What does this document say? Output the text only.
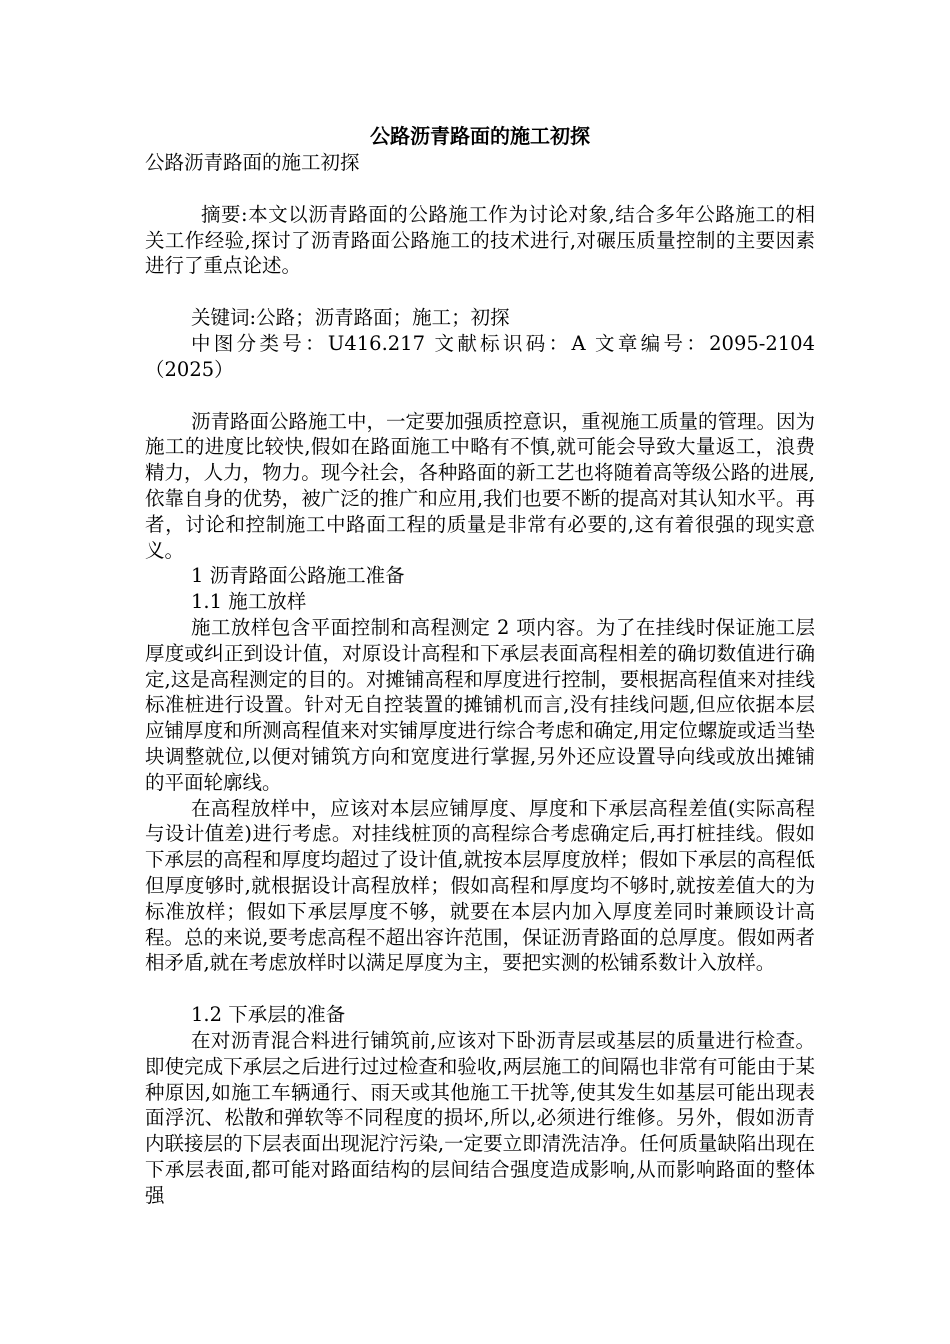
公路沥青路面的施工初探

公路沥青路面的施工初探

摘要:本文以沥青路面的公路施工作为讨论对象,结合多年公路施工的相关工作经验,探讨了沥青路面公路施工的技术进行,对碾压质量控制的主要因素进行了重点论述。

关键词:公路；沥青路面；施工；初探

中图分类号：U416.217 文献标识码：A 文章编号：2095-2104（2025）

沥青路面公路施工中，一定要加强质控意识，重视施工质量的管理。因为施工的进度比较快,假如在路面施工中略有不慎,就可能会导致大量返工，浪费精力，人力，物力。现今社会，各种路面的新工艺也将随着高等级公路的进展,依靠自身的优势，被广泛的推广和应用,我们也要不断的提高对其认知水平。再者，讨论和控制施工中路面工程的质量是非常有必要的,这有着很强的现实意义。

1 沥青路面公路施工准备

1.1 施工放样

施工放样包含平面控制和高程测定 2 项内容。为了在挂线时保证施工层厚度或纠正到设计值，对原设计高程和下承层表面高程相差的确切数值进行确定,这是高程测定的目的。对摊铺高程和厚度进行控制，要根据高程值来对挂线标准桩进行设置。针对无自控装置的摊铺机而言,没有挂线问题,但应依据本层应铺厚度和所测高程值来对实铺厚度进行综合考虑和确定,用定位螺旋或适当垫块调整就位,以便对铺筑方向和宽度进行掌握,另外还应设置导向线或放出摊铺的平面轮廓线。

在高程放样中，应该对本层应铺厚度、厚度和下承层高程差值(实际高程与设计值差)进行考虑。对挂线桩顶的高程综合考虑确定后,再打桩挂线。假如下承层的高程和厚度均超过了设计值,就按本层厚度放样；假如下承层的高程低但厚度够时,就根据设计高程放样；假如高程和厚度均不够时,就按差值大的为标准放样；假如下承层厚度不够，就要在本层内加入厚度差同时兼顾设计高程。总的来说,要考虑高程不超出容许范围，保证沥青路面的总厚度。假如两者相矛盾,就在考虑放样时以满足厚度为主，要把实测的松铺系数计入放样。

1.2 下承层的准备

在对沥青混合料进行铺筑前,应该对下卧沥青层或基层的质量进行检查。即使完成下承层之后进行过过检查和验收,两层施工的间隔也非常有可能由于某种原因,如施工车辆通行、雨天或其他施工干扰等,使其发生如基层可能出现表面浮沉、松散和弹软等不同程度的损坏,所以,必须进行维修。另外，假如沥青内联接层的下层表面出现泥泞污染,一定要立即清洗洁净。任何质量缺陷出现在下承层表面,都可能对路面结构的层间结合强度造成影响,从而影响路面的整体强
